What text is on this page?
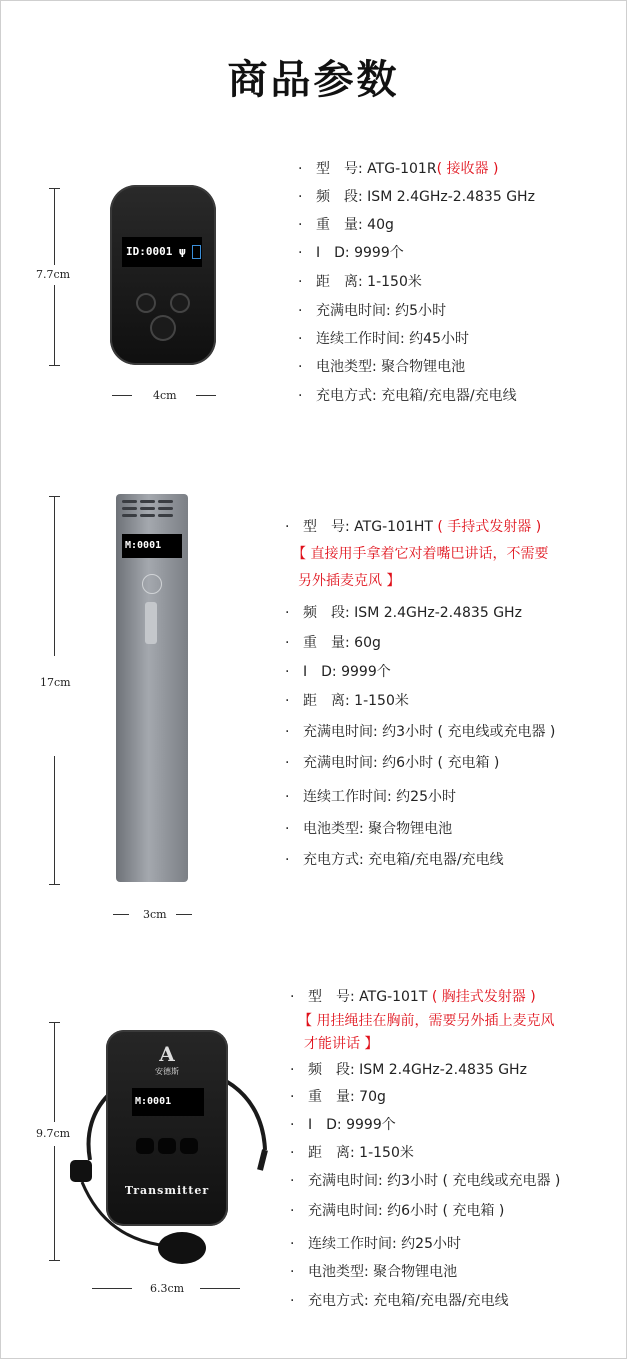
商品参数
7.7cm
ID:0001 ψ
4cm
· 型　号: ATG-101R( 接收器 )
· 频　段: ISM 2.4GHz-2.4835 GHz
· 重　量: 40g
· I　D: 9999个
· 距　离: 1-150米
· 充满电时间: 约5小时
· 连续工作时间: 约45小时
· 电池类型: 聚合物锂电池
· 充电方式: 充电箱/充电器/充电线
17cm
M:0001
3cm
· 型　号: ATG-101HT ( 手持式发射器 )
【 直接用手拿着它对着嘴巴讲话，不需要
另外插麦克风 】
· 频　段: ISM 2.4GHz-2.4835 GHz
· 重　量: 60g
· I　D: 9999个
· 距　离: 1-150米
· 充满电时间: 约3小时 ( 充电线或充电器 )
· 充满电时间: 约6小时 ( 充电箱 )
· 连续工作时间: 约25小时
· 电池类型: 聚合物锂电池
· 充电方式: 充电箱/充电器/充电线
9.7cm
A
安德斯
M:0001
Transmitter
6.3cm
· 型　号: ATG-101T ( 胸挂式发射器 )
【 用挂绳挂在胸前，需要另外插上麦克风
才能讲话 】
· 频　段: ISM 2.4GHz-2.4835 GHz
· 重　量: 70g
· I　D: 9999个
· 距　离: 1-150米
· 充满电时间: 约3小时 ( 充电线或充电器 )
· 充满电时间: 约6小时 ( 充电箱 )
· 连续工作时间: 约25小时
· 电池类型: 聚合物锂电池
· 充电方式: 充电箱/充电器/充电线
